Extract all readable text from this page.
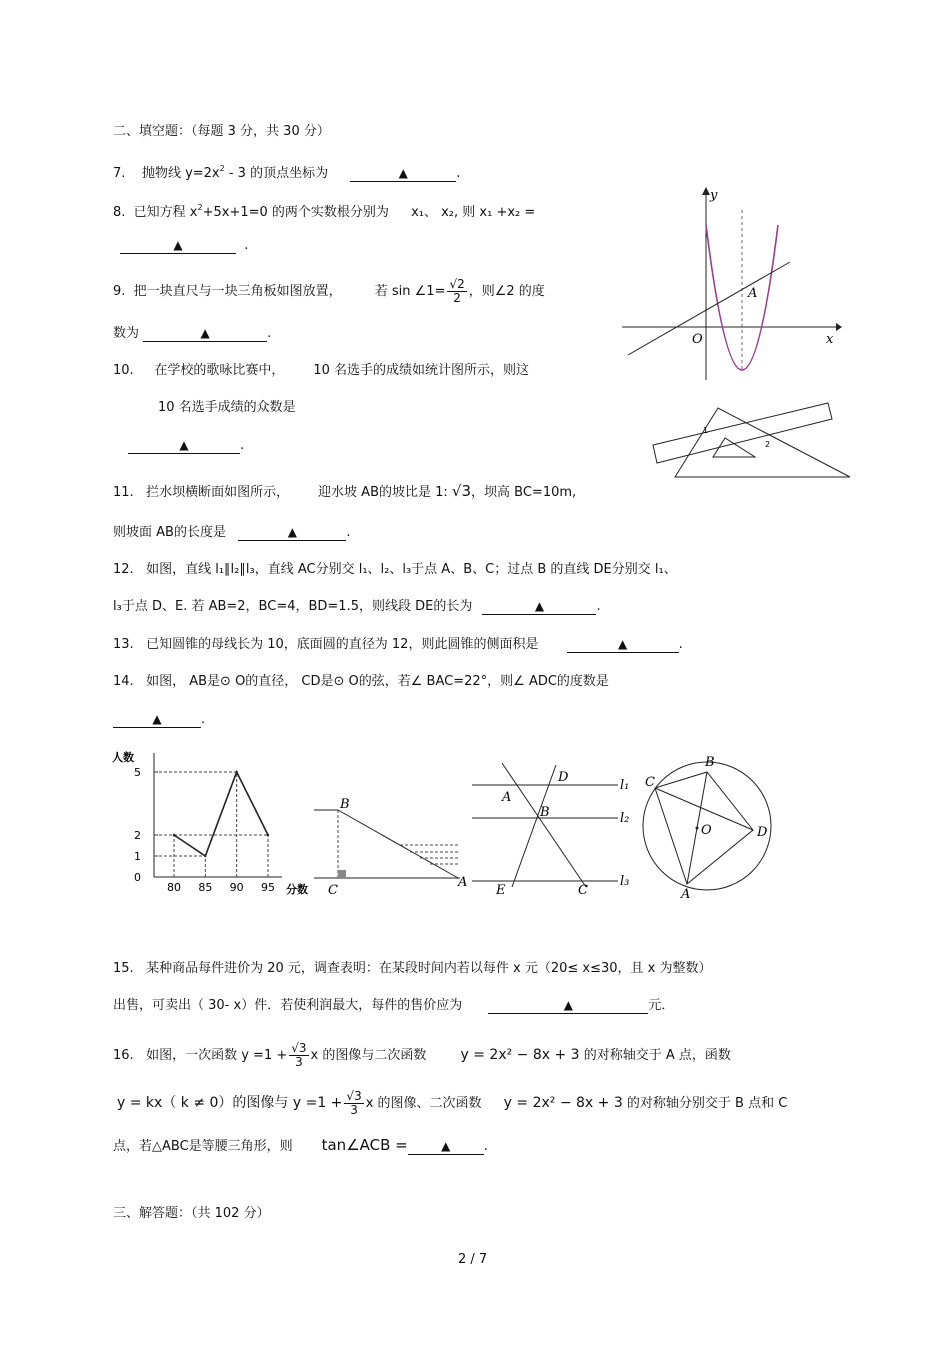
二、填空题：（每题 3 分，共 30 分）
7. 抛物线 $y=2x^2 - 3$ 的顶点坐标为	▲	.
8. 已知方程 $x^2+5x+1=0$ 的两个实数根分别为 x₁、 x₂, 则 x₁ +x₂ =
▲	.
9. 把一块直尺与一块三角板如图放置，	若 sin ∠1= $\frac{√2}{2}$ ，则∠2 的度
数为	▲	.
10. 在学校的歌咏比赛中， 10 名选手的成绩如统计图所示，则这
10 名选手成绩的众数是
▲	.
11. 拦水坝横断面如图所示， 迎水坡 AB的坡比是 1: √3，坝高 BC=10m,
则坡面 AB的长度是	▲	.
12. 如图，直线 l₁∥l₂∥l₃，直线 AC分别交 l₁、l₂、l₃于点 A、B、C；过点 B 的直线 DE分别交 l₁、
l₃于点 D、E. 若 AB=2，BC=4，BD=1.5，则线段 DE的长为	▲	.
13. 已知圆锥的母线长为 10，底面圆的直径为 12，则此圆锥的侧面积是	▲	.
14. 如图， AB是⊙ O的直径， CD是⊙ O的弦，若∠ BAC=22°，则∠ ADC的度数是
▲	.
15. 某种商品每件进价为 20 元，调查表明：在某段时间内若以每件 x 元（20≤ x≤30，且 x 为整数）
出售，可卖出（ 30- x）件．若使利润最大，每件的售价应为	▲	元．
16. 如图，一次函数 $y =1 + \frac{√3}{3}$ x 的图像与二次函数 y = 2x² − 8x + 3 的对称轴交于 A 点，函数
y = kx（ k ≠ 0）的图像与 $y =1 + \frac{√3}{3}$ x 的图像、二次函数 y = 2x² − 8x + 3 的对称轴分别交于 B 点和 C
点，若△ABC是等腰三角形，则 tan∠ACB =	▲	.
三、解答题：（共 102 分）
2 / 7
y
x
O
A
1
2
人数
分数
5
2
1
0
80 85 90 95
B
C
A
D
A
B
E	C
l₁
l₂
l₃
C
B
O	D
A
